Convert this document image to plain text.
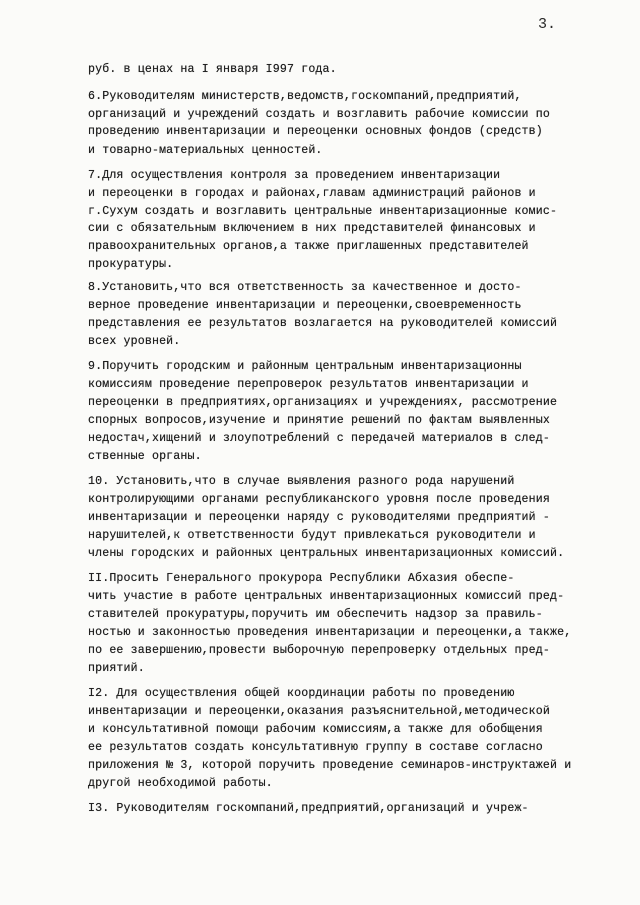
3.
руб. в ценах на I января I997 года.
6.Руководителям министерств,ведомств,госкомпаний,предприятий,
организаций и учреждений создать и возглавить рабочие комиссии по
проведению инвентаризации и переоценки основных фондов (средств)
и товарно-материальных ценностей.
7.Для осуществления контроля за проведением инвентаризации
и переоценки в городах и районах,главам администраций районов и
г.Сухум создать и возглавить центральные инвентаризационные комис-
сии с обязательным включением в них представителей финансовых и
правоохранительных органов,а также приглашенных представителей
прокуратуры.
8.Установить,что вся ответственность за качественное и досто-
верное проведение инвентаризации и переоценки,своевременность
представления ее результатов возлагается на руководителей комиссий
всех уровней.
9.Поручить городским и районным центральным инвентаризационны
комиссиям проведение перепроверок результатов инвентаризации и
переоценки в предприятиях,организациях и учреждениях, рассмотрение
спорных вопросов,изучение и принятие решений по фактам выявленных
недостач,хищений и злоупотреблений с передачей материалов в след-
ственные органы.
10. Установить,что в случае выявления разного рода нарушений
контролирующими органами республиканского уровня после проведения
инвентаризации и переоценки наряду с руководителями предприятий -
нарушителей,к ответственности будут привлекаться руководители и
члены городских и районных центральных инвентаризационных комиссий.
II.Просить Генерального прокурора Республики Абхазия обеспе-
чить участие в работе центральных инвентаризационных комиссий пред-
ставителей прокуратуры,поручить им обеспечить надзор за правиль-
ностью и законностью проведения инвентаризации и переоценки,а также,
по ее завершению,провести выборочную перепроверку отдельных пред-
приятий.
I2. Для осуществления общей координации работы по проведению
инвентаризации и переоценки,оказания разъяснительной,методической
и консультативной помощи рабочим комиссиям,а также для обобщения
ее результатов создать консультативную группу в составе согласно
приложения № 3, которой поручить проведение семинаров-инструктажей и
другой необходимой работы.
I3. Руководителям госкомпаний,предприятий,организаций и учреж-
